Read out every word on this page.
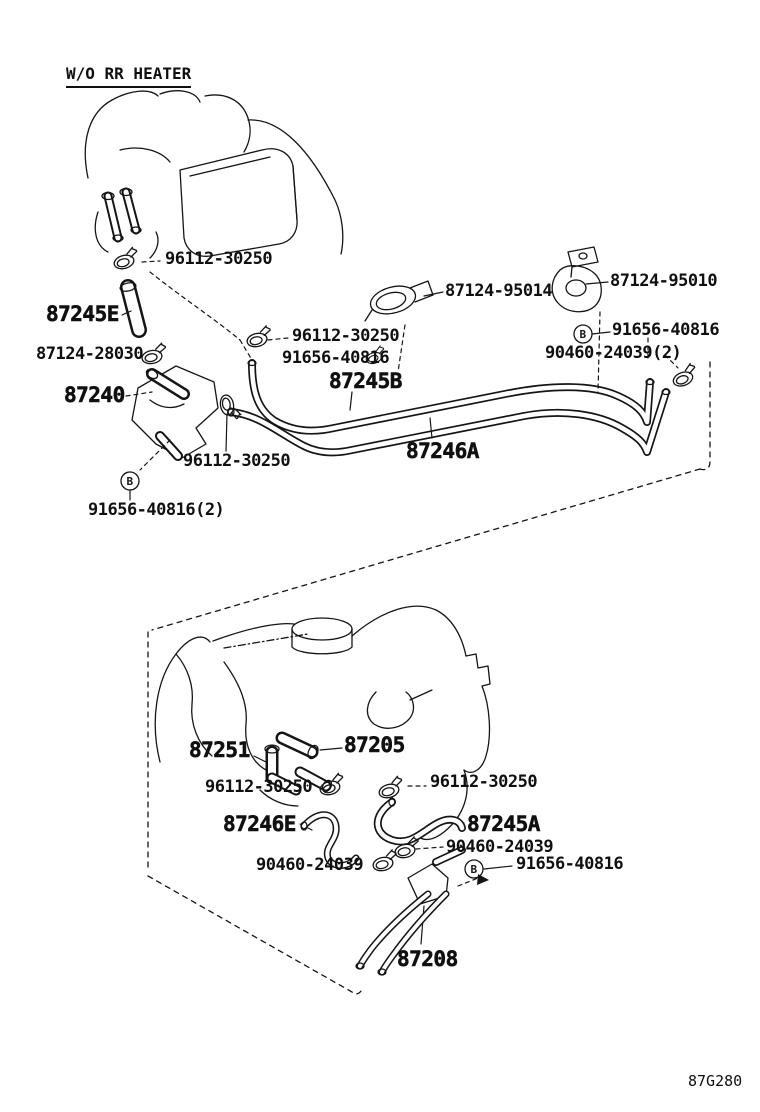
B
B
B
W/O RR HEATER
96112-30250
87245E
87124-28030
96112-30250
91656-40816
87245B
87124-95014	87124-95010
91656-40816
90460-24039(2)
87240
96112-30250
91656-40816(2)
87246A
87251	87205
96112-30250	96112-30250
87246E	87245A
90460-24039
90460-24039	91656-40816
87208
87G280
